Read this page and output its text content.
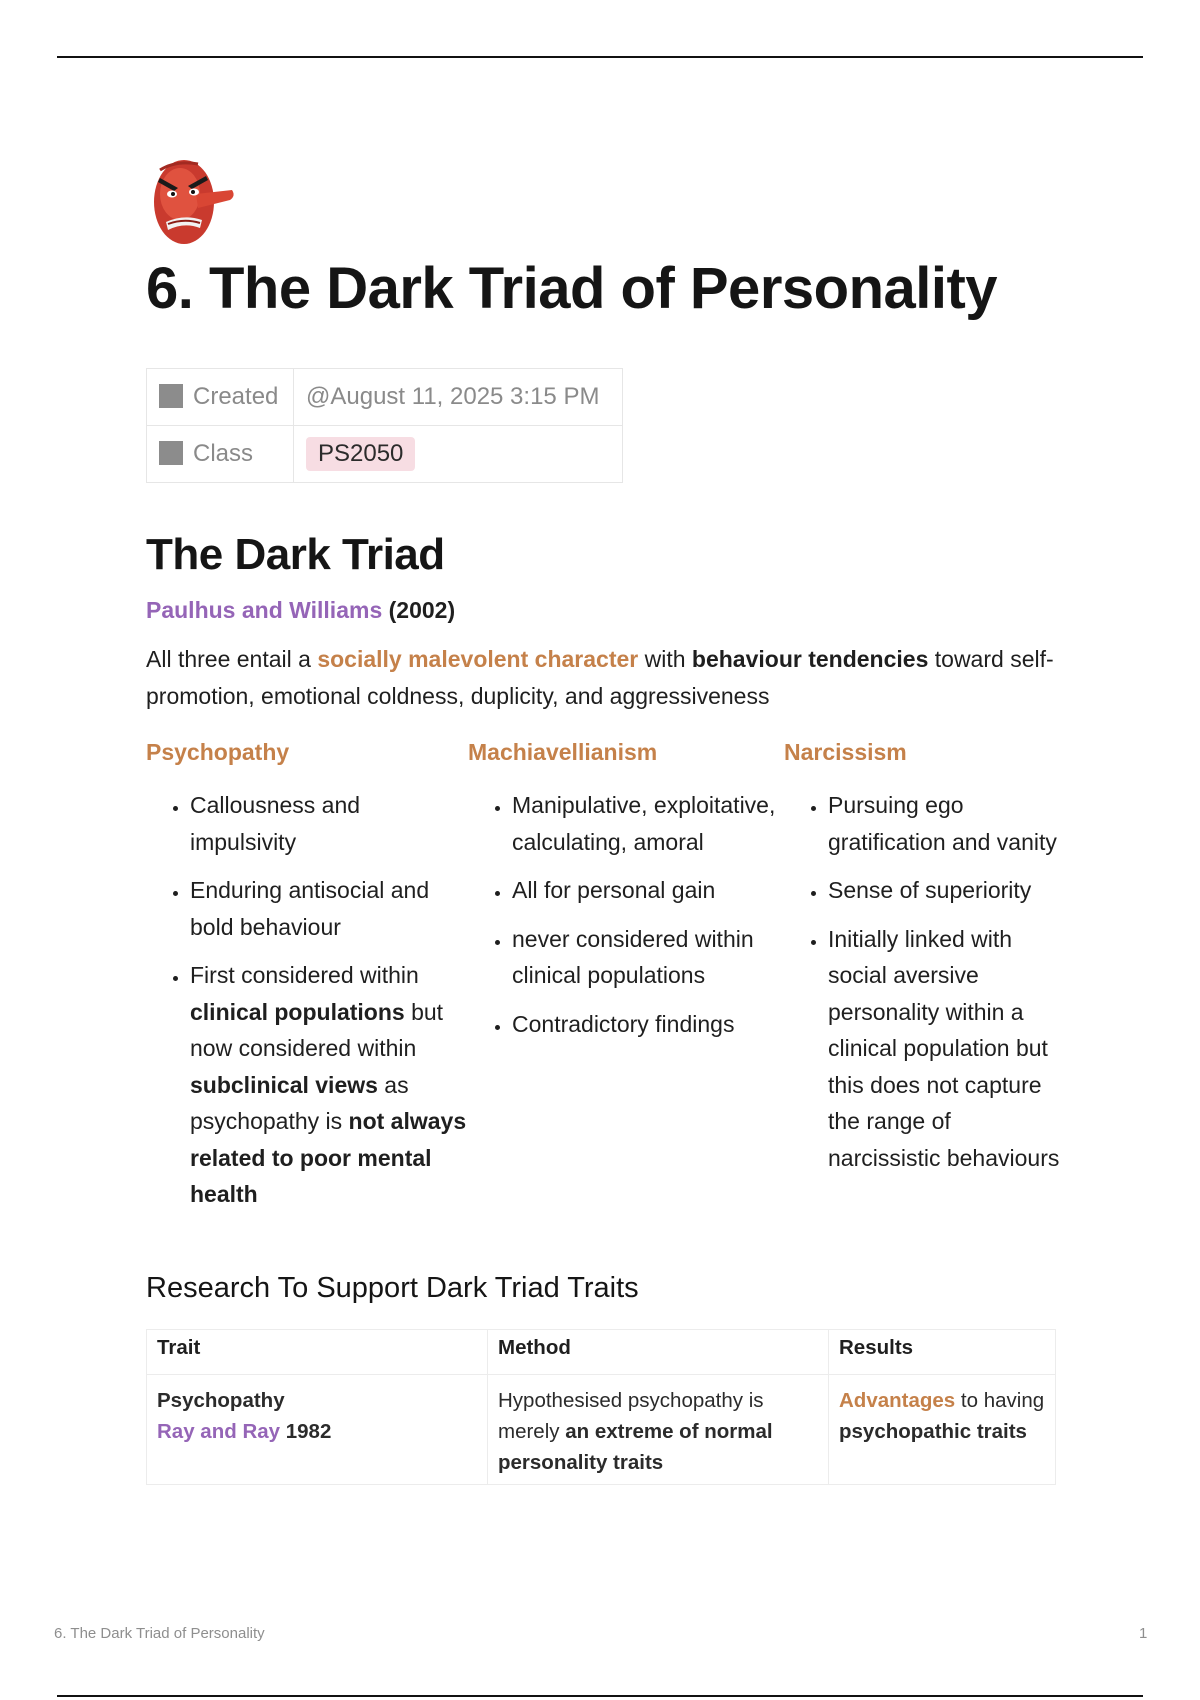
6. The Dark Triad of Personality
Created	@August 11, 2025 3:15 PM
Class	PS2050
The Dark Triad
Paulhus and Williams (2002)
All three entail a socially malevolent character with behaviour tendencies toward self- promotion, emotional coldness, duplicity, and aggressiveness
Psychopathy
• Callousness and impulsivity
• Enduring antisocial and bold behaviour
• First considered within clinical populations but now considered within subclinical views as psychopathy is not always related to poor mental health
Machiavellianism
• Manipulative, exploitative, calculating, amoral
• All for personal gain
• never considered within clinical populations
• Contradictory findings
Narcissism
• Pursuing ego gratification and vanity
• Sense of superiority
• Initially linked with social aversive personality within a clinical population but this does not capture the range of narcissistic behaviours
Research To Support Dark Triad Traits
Trait	Method	Results
Psychopathy
Ray and Ray 1982	Hypothesised psychopathy is merely an extreme of normal personality traits	Advantages to having psychopathic traits
6. The Dark Triad of Personality	1
